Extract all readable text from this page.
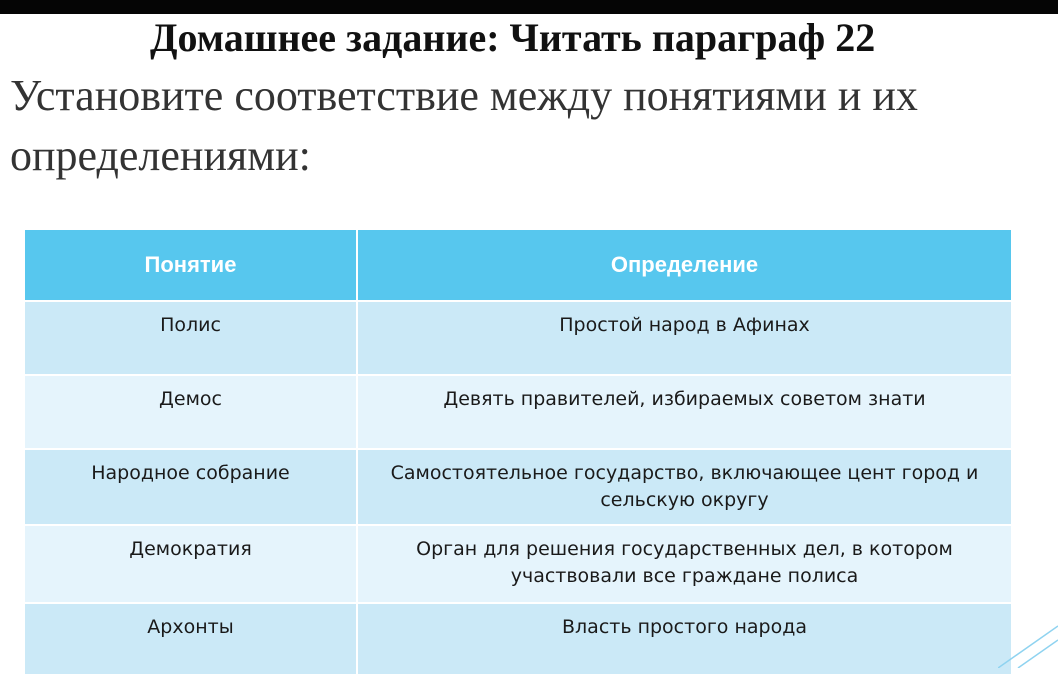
Домашнее задание: Читать параграф 22
Установите соответствие между понятиями и их определениями:
Понятие	Определение
Полис	Простой народ в Афинах
Демос	Девять правителей, избираемых советом знати
Народное собрание	Самостоятельное государство, включающее цент город и сельскую округу
Демократия	Орган для решения государственных дел, в котором участвовали все граждане полиса
Архонты	Власть простого народа
